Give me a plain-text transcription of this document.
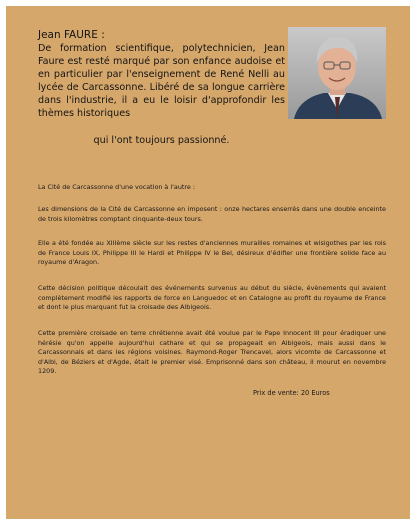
Jean FAURE :

De formation scientifique, polytechnicien, Jean Faure est resté marqué par son enfance audoise et en particulier par l'enseignement de René Nelli au lycée de Carcassonne. Libéré de sa longue carrière dans l'industrie, il a eu le loisir d'approfondir les thèmes historiques

qui l'ont toujours passionné.
La Cité de Carcassonne d'une vocation à l'autre :

Les dimensions de la Cité de Carcassonne en imposent : onze hectares enserrés dans une double enceinte de trois kilomètres comptant cinquante-deux tours.

Elle a été fondée au XIIIème siècle sur les restes d'anciennes murailles romaines et wisigothes par les rois de France Louis IX, Philippe III le Hardi et Philippe IV le Bel, désireux d'édifier une frontière solide face au royaume d'Aragon.

Cette décision politique découlait des événements survenus au début du siècle, évènements qui avaient complètement modifié les rapports de force en Languedoc et en Catalogne au profit du royaume de France et dont le plus marquant fut la croisade des Albigeois.

Cette première croisade en terre chrétienne avait été voulue par le Pape Innocent III pour éradiquer une hérésie qu'on appelle aujourd'hui cathare et qui se propageait en Albigeois, mais aussi dans le Carcassonnais et dans les régions voisines. Raymond-Roger Trencavel, alors vicomte de Carcassonne et d'Albi, de Béziers et d'Agde, était le premier visé. Emprisonné dans son château, il mourut en novembre 1209.

Prix de vente: 20 Euros
